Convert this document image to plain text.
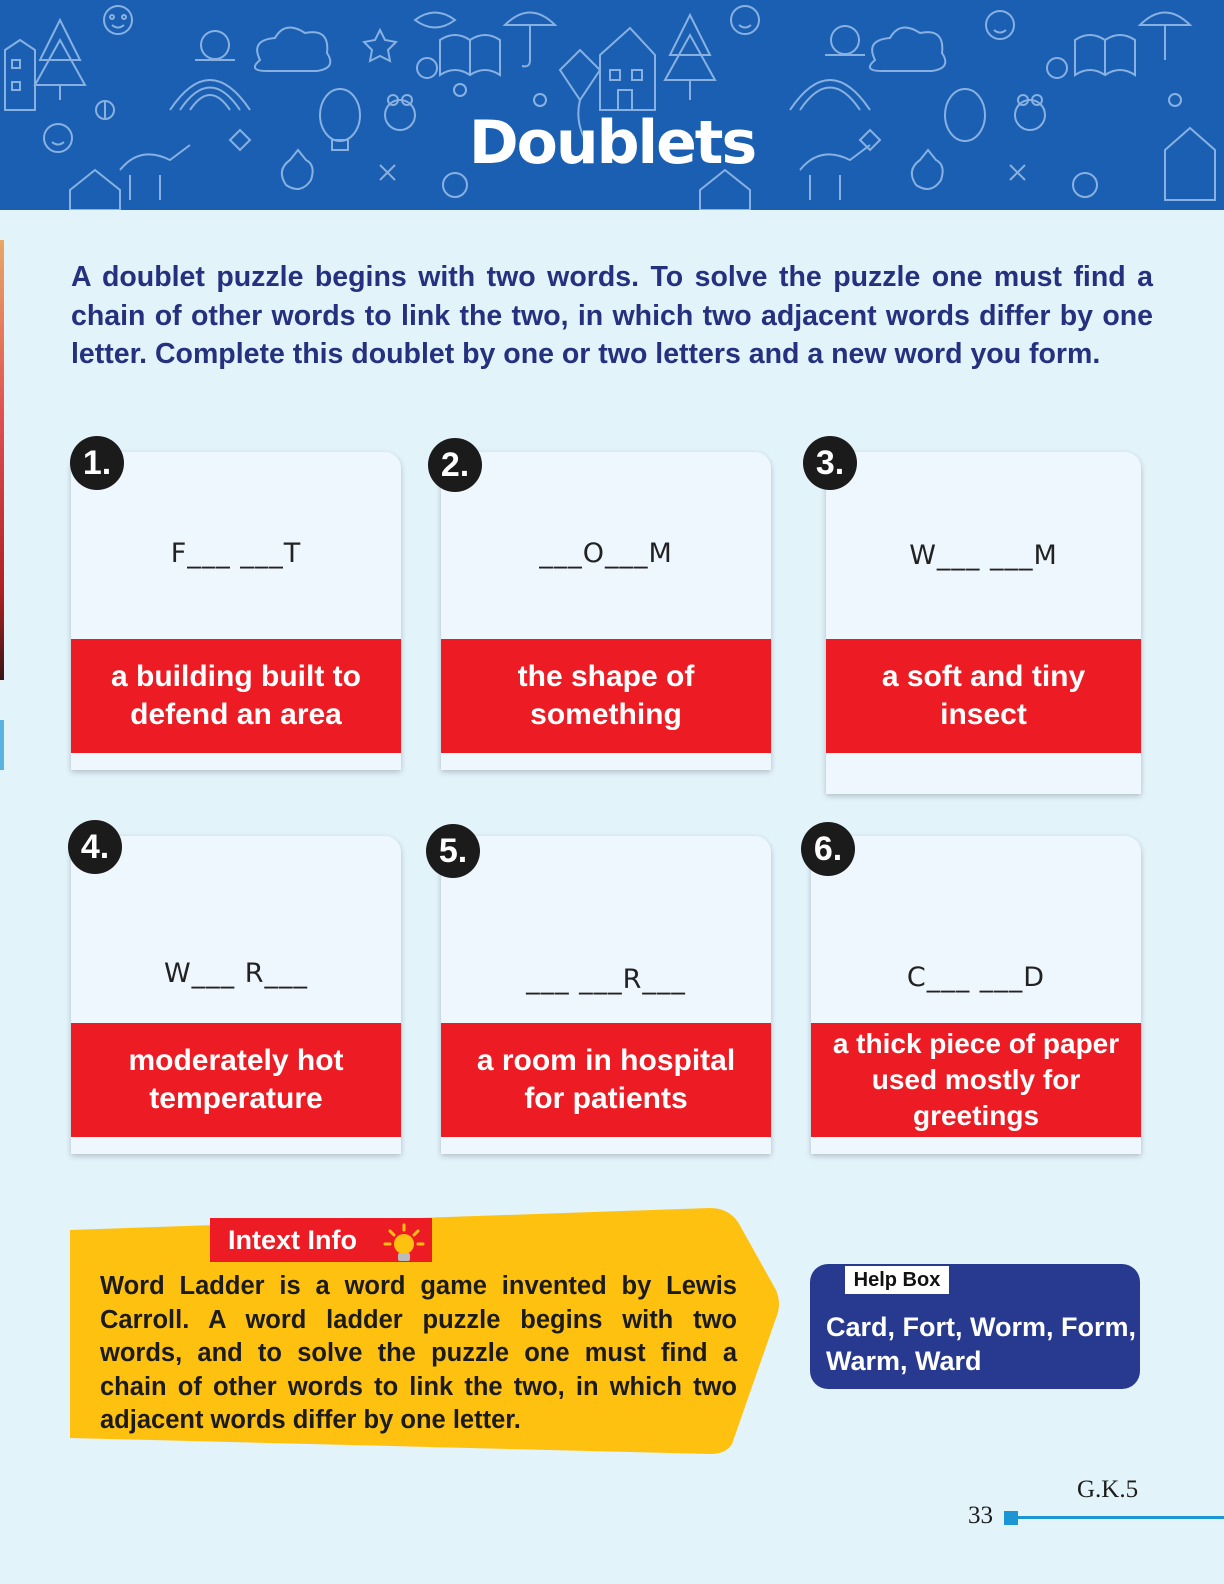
Doublets
A doublet puzzle begins with two words. To solve the puzzle one must find a chain of other words to link the two, in which two adjacent words differ by one letter. Complete this doublet by one or two letters and a new word you form.
F___ ___T
a building built to defend an area
1.
___O___M
the shape of something
2.
W___ ___M
a soft and tiny insect
3.
W___ R___
moderately hot temperature
4.
___ ___R___
a room in hospital for patients
5.
C___ ___D
a thick piece of paper used mostly for greetings
6.
Intext Info
Word Ladder is a word game invented by Lewis Carroll. A word ladder puzzle begins with two words, and to solve the puzzle one must find a chain of other words to link the two, in which two adjacent words differ by one letter.
Help Box
Card, Fort, Worm, Form, Warm, Ward
G.K.5
33
